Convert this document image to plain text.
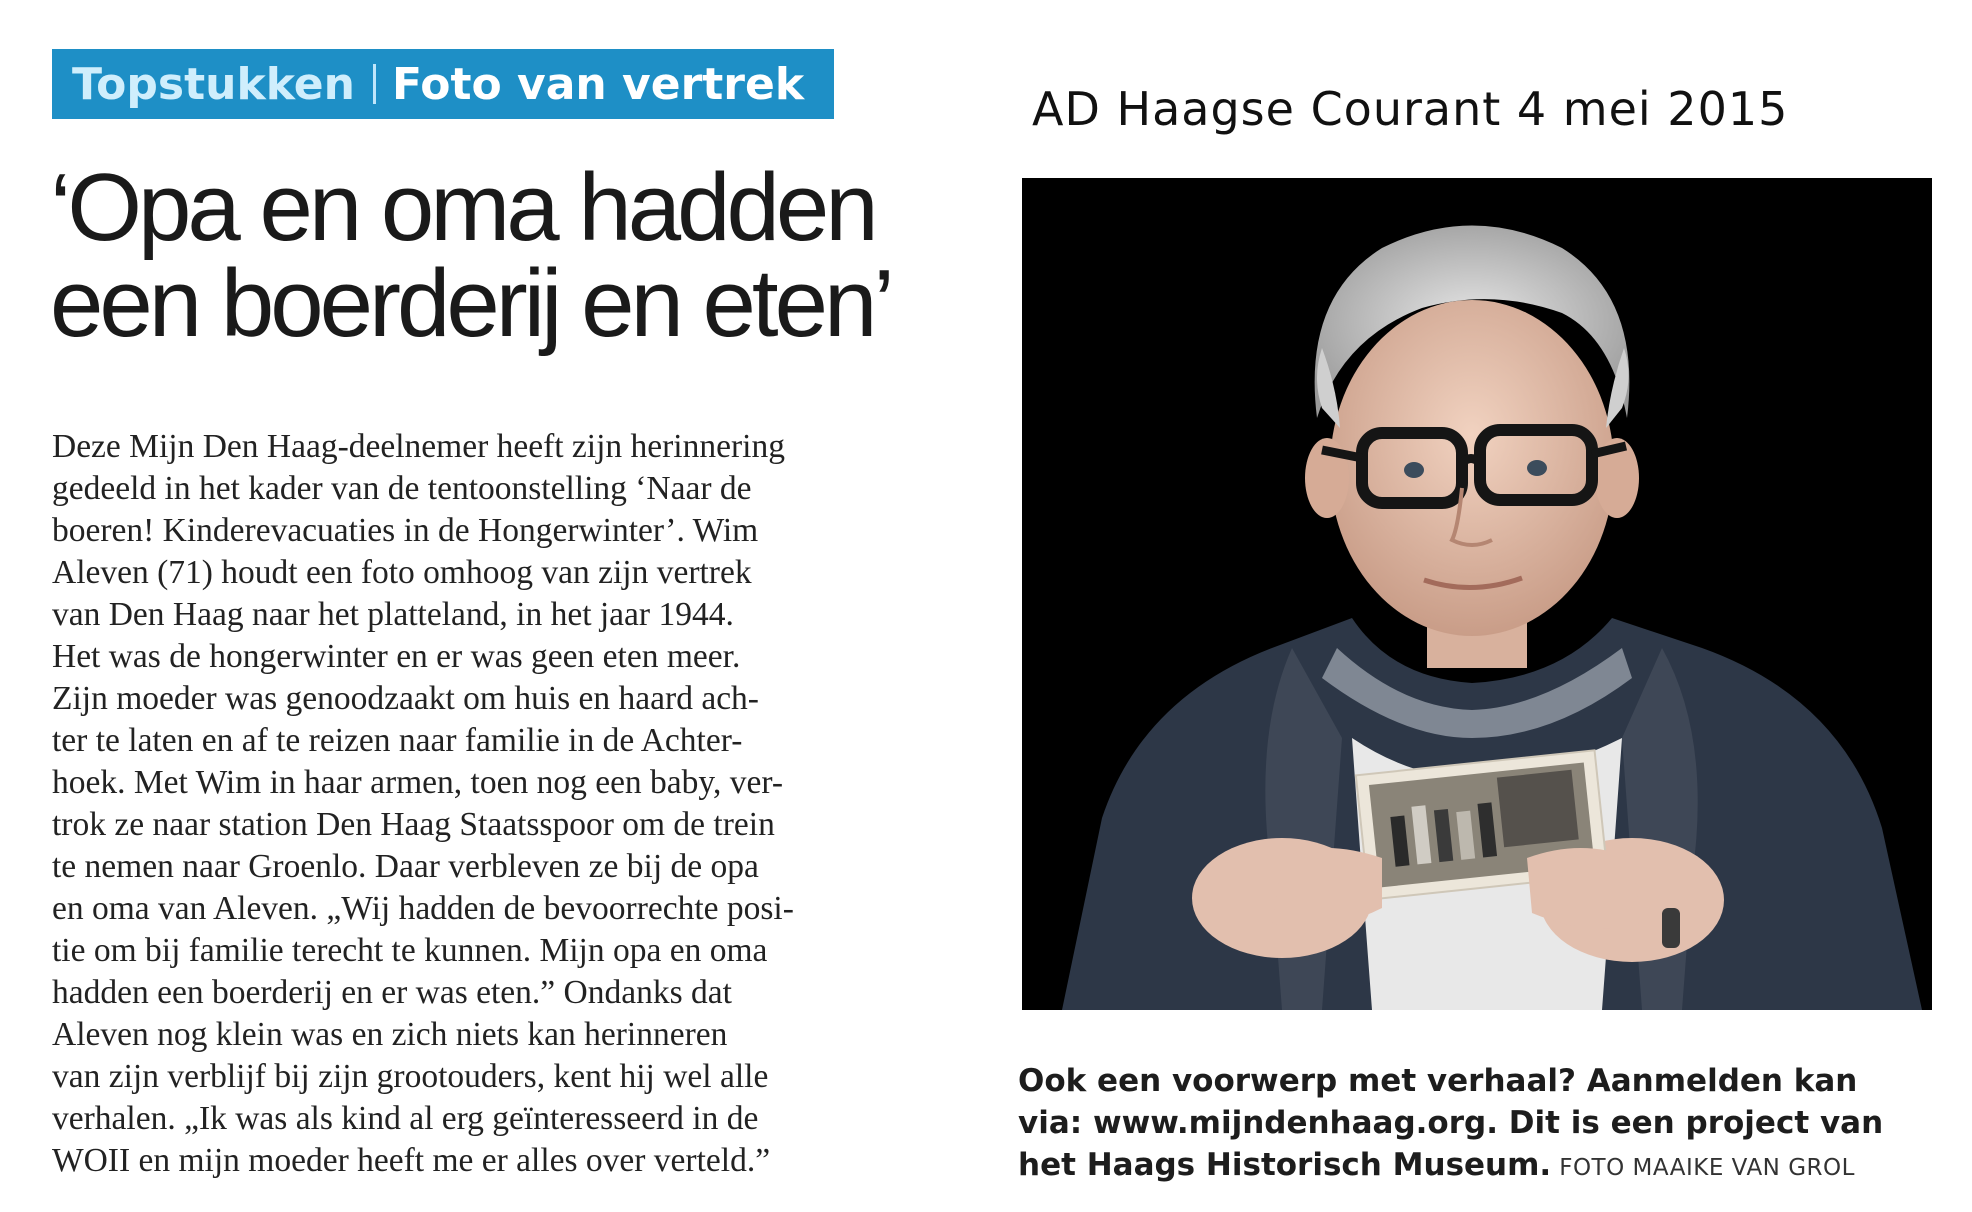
Topstukken Foto van vertrek	AD Haagse Courant 4 mei 2015
‘Opa en oma hadden
een boerderij en eten’
Deze Mijn Den Haag-deelnemer heeft zijn herinnering
gedeeld in het kader van de tentoonstelling ‘Naar de
boeren! Kinderevacuaties in de Hongerwinter’. Wim
Aleven (71) houdt een foto omhoog van zijn vertrek
van Den Haag naar het platteland, in het jaar 1944.
Het was de hongerwinter en er was geen eten meer.
Zijn moeder was genoodzaakt om huis en haard ach-
ter te laten en af te reizen naar familie in de Achter-
hoek. Met Wim in haar armen, toen nog een baby, ver-
trok ze naar station Den Haag Staatsspoor om de trein
te nemen naar Groenlo. Daar verbleven ze bij de opa
en oma van Aleven. „Wij hadden de bevoorrechte posi-
tie om bij familie terecht te kunnen. Mijn opa en oma
hadden een boerderij en er was eten.” Ondanks dat
Aleven nog klein was en zich niets kan herinneren
van zijn verblijf bij zijn grootouders, kent hij wel alle
verhalen. „Ik was als kind al erg geïnteresseerd in de
WOII en mijn moeder heeft me er alles over verteld.”
Ook een voorwerp met verhaal? Aanmelden kan
via: www.mijndenhaag.org. Dit is een project van
het Haags Historisch Museum. FOTO MAAIKE VAN GROL
